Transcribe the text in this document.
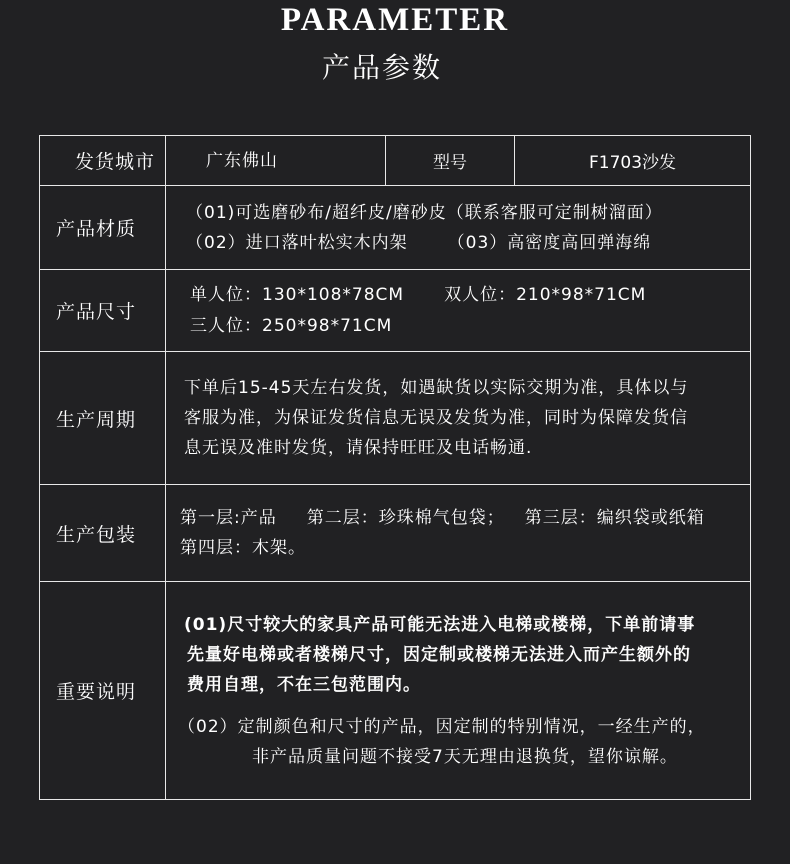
PARAMETER
产品参数
发货城市	广东佛山	型号	F1703沙发
产品材质	（01)可选磨砂布/超纤皮/磨砂皮（联系客服可定制树溜面）
（02）进口落叶松实木内架 （03）高密度高回弹海绵		

产品尺寸	单人位：130*108*78CM 双人位：210*98*71CM
三人位：250*98*71CM		

生产周期	下单后15-45天左右发货，如遇缺货以实际交期为准，具体以与
客服为准，为保证发货信息无误及发货为准，同时为保障发货信
息无误及准时发货，请保持旺旺及电话畅通.		

生产包装	第一层:产品 第二层：珍珠棉气包袋； 第三层：编织袋或纸箱
第四层：木架。		

重要说明	(01)尺寸较大的家具产品可能无法进入电梯或楼梯，下单前请事
先量好电梯或者楼梯尺寸，因定制或楼梯无法进入而产生额外的
费用自理，不在三包范围内。
（02）定制颜色和尺寸的产品，因定制的特别情况，一经生产的，
非产品质量问题不接受7天无理由退换货，望你谅解。		
